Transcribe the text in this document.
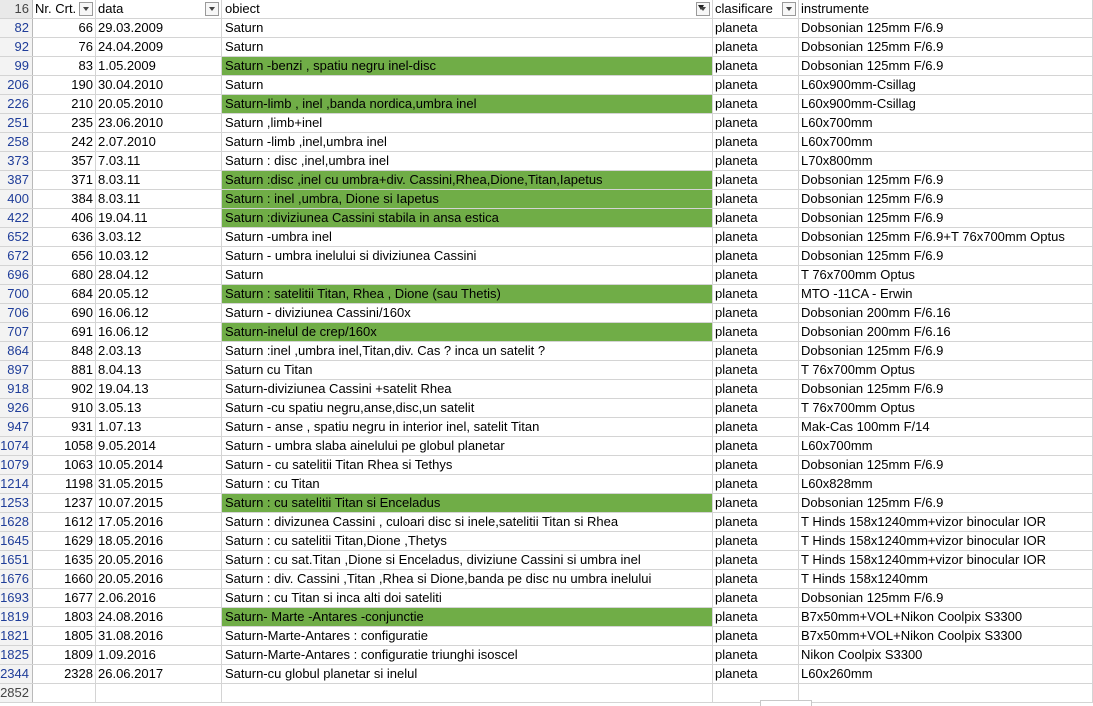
16 Nr. Crt.	data	obiect	clasificare	instrumente
82	66 29.03.2009	Saturn	planeta	Dobsonian 125mm F/6.9
92	76 24.04.2009	Saturn	planeta	Dobsonian 125mm F/6.9
99	83 1.05.2009	Saturn -benzi , spatiu negru inel-disc	planeta	Dobsonian 125mm F/6.9
206	190 30.04.2010	Saturn	planeta	L60x900mm-Csillag
226	210 20.05.2010	Saturn-limb , inel ,banda nordica,umbra inel	planeta	L60x900mm-Csillag
251	235 23.06.2010	Saturn ,limb+inel	planeta	L60x700mm
258	242 2.07.2010	Saturn -limb ,inel,umbra inel	planeta	L60x700mm
373	357 7.03.11	Saturn : disc ,inel,umbra inel	planeta	L70x800mm
387	371 8.03.11	Saturn :disc ,inel cu umbra+div. Cassini,Rhea,Dione,Titan,Iapetus	planeta	Dobsonian 125mm F/6.9
400	384 8.03.11	Saturn : inel ,umbra, Dione si Iapetus	planeta	Dobsonian 125mm F/6.9
422	406 19.04.11	Saturn :diviziunea Cassini stabila in ansa estica	planeta	Dobsonian 125mm F/6.9
652	636 3.03.12	Saturn -umbra inel	planeta	Dobsonian 125mm F/6.9+T 76x700mm Optus
672	656 10.03.12	Saturn - umbra inelului si diviziunea Cassini	planeta	Dobsonian 125mm F/6.9
696	680 28.04.12	Saturn	planeta	T 76x700mm Optus
700	684 20.05.12	Saturn : satelitii Titan, Rhea , Dione (sau Thetis)	planeta	MTO -11CA - Erwin
706	690 16.06.12	Saturn - diviziunea Cassini/160x	planeta	Dobsonian 200mm F/6.16
707	691 16.06.12	Saturn-inelul de crep/160x	planeta	Dobsonian 200mm F/6.16
864	848 2.03.13	Saturn :inel ,umbra inel,Titan,div. Cas ? inca un satelit ?	planeta	Dobsonian 125mm F/6.9
897	881 8.04.13	Saturn cu Titan	planeta	T 76x700mm Optus
918	902 19.04.13	Saturn-diviziunea Cassini +satelit Rhea	planeta	Dobsonian 125mm F/6.9
926	910 3.05.13	Saturn -cu spatiu negru,anse,disc,un satelit	planeta	T 76x700mm Optus
947	931 1.07.13	Saturn - anse , spatiu negru in interior inel, satelit Titan	planeta	Mak-Cas 100mm F/14
1074	1058 9.05.2014	Saturn - umbra slaba ainelului pe globul planetar	planeta	L60x700mm
1079	1063 10.05.2014	Saturn - cu satelitii Titan Rhea si Tethys	planeta	Dobsonian 125mm F/6.9
1214	1198 31.05.2015	Saturn : cu Titan	planeta	L60x828mm
1253	1237 10.07.2015	Saturn : cu satelitii Titan si Enceladus	planeta	Dobsonian 125mm F/6.9
1628	1612 17.05.2016	Saturn : divizunea Cassini , culoari disc si inele,satelitii Titan si Rhea	planeta	T Hinds 158x1240mm+vizor binocular IOR
1645	1629 18.05.2016	Saturn : cu satelitii Titan,Dione ,Thetys	planeta	T Hinds 158x1240mm+vizor binocular IOR
1651	1635 20.05.2016	Saturn : cu sat.Titan ,Dione si Enceladus, diviziune Cassini si umbra inel	planeta	T Hinds 158x1240mm+vizor binocular IOR
1676	1660 20.05.2016	Saturn : div. Cassini ,Titan ,Rhea si Dione,banda pe disc nu umbra inelului	planeta	T Hinds 158x1240mm
1693	1677 2.06.2016	Saturn : cu Titan si inca alti doi sateliti	planeta	Dobsonian 125mm F/6.9
1819	1803 24.08.2016	Saturn- Marte -Antares -conjunctie	planeta	B7x50mm+VOL+Nikon Coolpix S3300
1821	1805 31.08.2016	Saturn-Marte-Antares : configuratie	planeta	B7x50mm+VOL+Nikon Coolpix S3300
1825	1809 1.09.2016	Saturn-Marte-Antares : configuratie triunghi isoscel	planeta	Nikon Coolpix S3300
2344	2328 26.06.2017	Saturn-cu globul planetar si inelul	planeta	L60x260mm
2852
